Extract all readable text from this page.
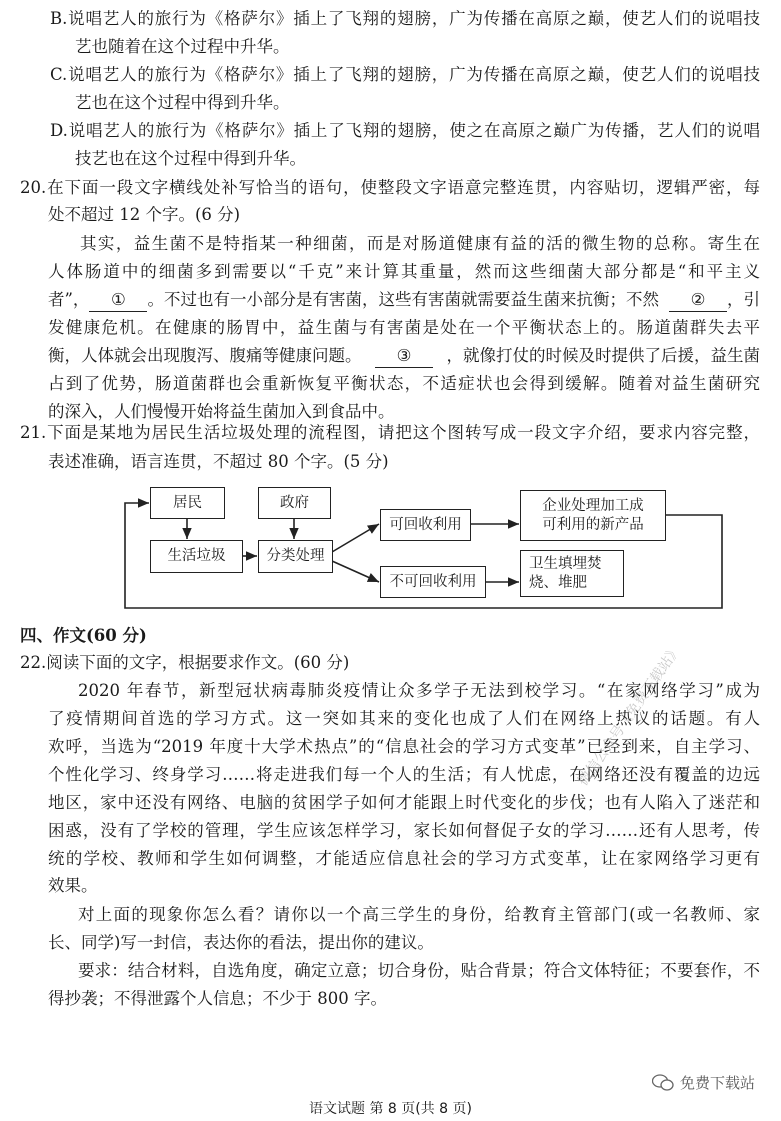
B.说唱艺人的旅行为《格萨尔》插上了飞翔的翅膀，广为传播在高原之巅，使艺人们的说唱技
艺也随着在这个过程中升华。
C.说唱艺人的旅行为《格萨尔》插上了飞翔的翅膀，广为传播在高原之巅，使艺人们的说唱技
艺也在这个过程中得到升华。
D.说唱艺人的旅行为《格萨尔》插上了飞翔的翅膀，使之在高原之巅广为传播，艺人们的说唱
技艺也在这个过程中得到升华。
20.在下面一段文字横线处补写恰当的语句，使整段文字语意完整连贯，内容贴切，逻辑严密，每
处不超过 12 个字。(6 分)
其实，益生菌不是特指某一种细菌，而是对肠道健康有益的活的微生物的总称。寄生在
人体肠道中的细菌多到需要以“千克”来计算其重量，然而这些细菌大部分都是“和平主义
者”， ① 。不过也有一小部分是有害菌，这些有害菌就需要益生菌来抗衡；不然	② ，引
发健康危机。在健康的肠胃中，益生菌与有害菌是处在一个平衡状态上的。肠道菌群失去平
衡，人体就会出现腹泻、腹痛等健康问题。	③	，就像打仗的时候及时提供了后援，益生菌
占到了优势，肠道菌群也会重新恢复平衡状态，不适症状也会得到缓解。随着对益生菌研究
的深入，人们慢慢开始将益生菌加入到食品中。
21.下面是某地为居民生活垃圾处理的流程图，请把这个图转写成一段文字介绍，要求内容完整，
表述准确，语言连贯，不超过 80 个字。(5 分)
居民	政府
生活垃圾	分类处理
可回收利用
不可回收利用
企业处理加工成
可利用的新产品
卫生填埋焚
烧、堆肥
四、作文(60 分)
22.阅读下面的文字，根据要求作文。(60 分)
2020 年春节，新型冠状病毒肺炎疫情让众多学子无法到校学习。“在家网络学习”成为
了疫情期间首选的学习方式。这一突如其来的变化也成了人们在网络上热议的话题。有人
欢呼，当选为“2019 年度十大学术热点”的“信息社会的学习方式变革”已经到来，自主学习、
个性化学习、终身学习……将走进我们每一个人的生活；有人忧虑，在网络还没有覆盖的边远
地区，家中还没有网络、电脑的贫困学子如何才能跟上时代变化的步伐；也有人陷入了迷茫和
困惑，没有了学校的管理，学生应该怎样学习，家长如何督促子女的学习……还有人思考，传
统的学校、教师和学生如何调整，才能适应信息社会的学习方式变革，让在家网络学习更有
效果。
对上面的现象你怎么看？请你以一个高三学生的身份，给教育主管部门(或一名教师、家
长、同学)写一封信，表达你的看法，提出你的建议。
要求：结合材料，自选角度，确定立意；切合身份，贴合背景；符合文体特征；不要套作，不
得抄袭；不得泄露个人信息；不少于 800 字。
微信公众号《免费下载站》
免费下载站
语文试题 第 8 页(共 8 页)
